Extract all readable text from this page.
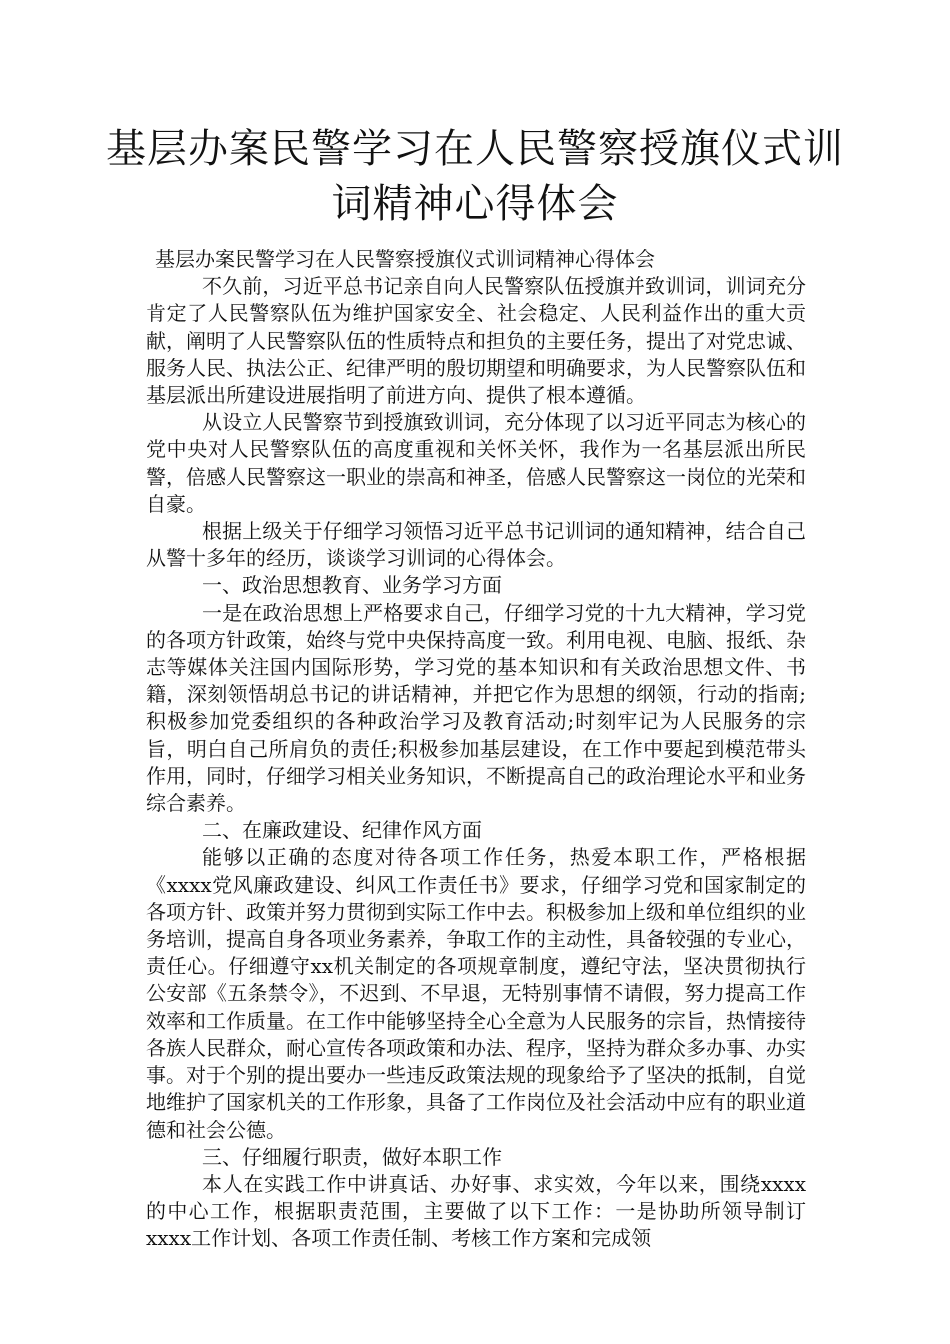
基层办案民警学习在人民警察授旗仪式训词精神心得体会

基层办案民警学习在人民警察授旗仪式训词精神心得体会

不久前，习近平总书记亲自向人民警察队伍授旗并致训词，训词充分肯定了人民警察队伍为维护国家安全、社会稳定、人民利益作出的重大贡献，阐明了人民警察队伍的性质特点和担负的主要任务，提出了对党忠诚、服务人民、执法公正、纪律严明的殷切期望和明确要求，为人民警察队伍和基层派出所建设进展指明了前进方向、提供了根本遵循。

从设立人民警察节到授旗致训词，充分体现了以习近平同志为核心的党中央对人民警察队伍的高度重视和关怀关怀，我作为一名基层派出所民警，倍感人民警察这一职业的崇高和神圣，倍感人民警察这一岗位的光荣和自豪。

根据上级关于仔细学习领悟习近平总书记训词的通知精神，结合自己从警十多年的经历，谈谈学习训词的心得体会。

一、政治思想教育、业务学习方面

一是在政治思想上严格要求自己，仔细学习党的十九大精神，学习党的各项方针政策，始终与党中央保持高度一致。利用电视、电脑、报纸、杂志等媒体关注国内国际形势，学习党的基本知识和有关政治思想文件、书籍，深刻领悟胡总书记的讲话精神，并把它作为思想的纲领，行动的指南;积极参加党委组织的各种政治学习及教育活动;时刻牢记为人民服务的宗旨，明白自己所肩负的责任;积极参加基层建设，在工作中要起到模范带头作用，同时，仔细学习相关业务知识，不断提高自己的政治理论水平和业务综合素养。

二、在廉政建设、纪律作风方面

能够以正确的态度对待各项工作任务，热爱本职工作，严格根据《xxxx党风廉政建设、纠风工作责任书》要求，仔细学习党和国家制定的各项方针、政策并努力贯彻到实际工作中去。积极参加上级和单位组织的业务培训，提高自身各项业务素养，争取工作的主动性，具备较强的专业心，责任心。仔细遵守xx机关制定的各项规章制度，遵纪守法，坚决贯彻执行公安部《五条禁令》，不迟到、不早退，无特别事情不请假，努力提高工作效率和工作质量。在工作中能够坚持全心全意为人民服务的宗旨，热情接待各族人民群众，耐心宣传各项政策和办法、程序，坚持为群众多办事、办实事。对于个别的提出要办一些违反政策法规的现象给予了坚决的抵制，自觉地维护了国家机关的工作形象，具备了工作岗位及社会活动中应有的职业道德和社会公德。

三、仔细履行职责，做好本职工作

本人在实践工作中讲真话、办好事、求实效，今年以来，围绕xxxx的中心工作，根据职责范围，主要做了以下工作：一是协助所领导制订xxxx工作计划、各项工作责任制、考核工作方案和完成领
